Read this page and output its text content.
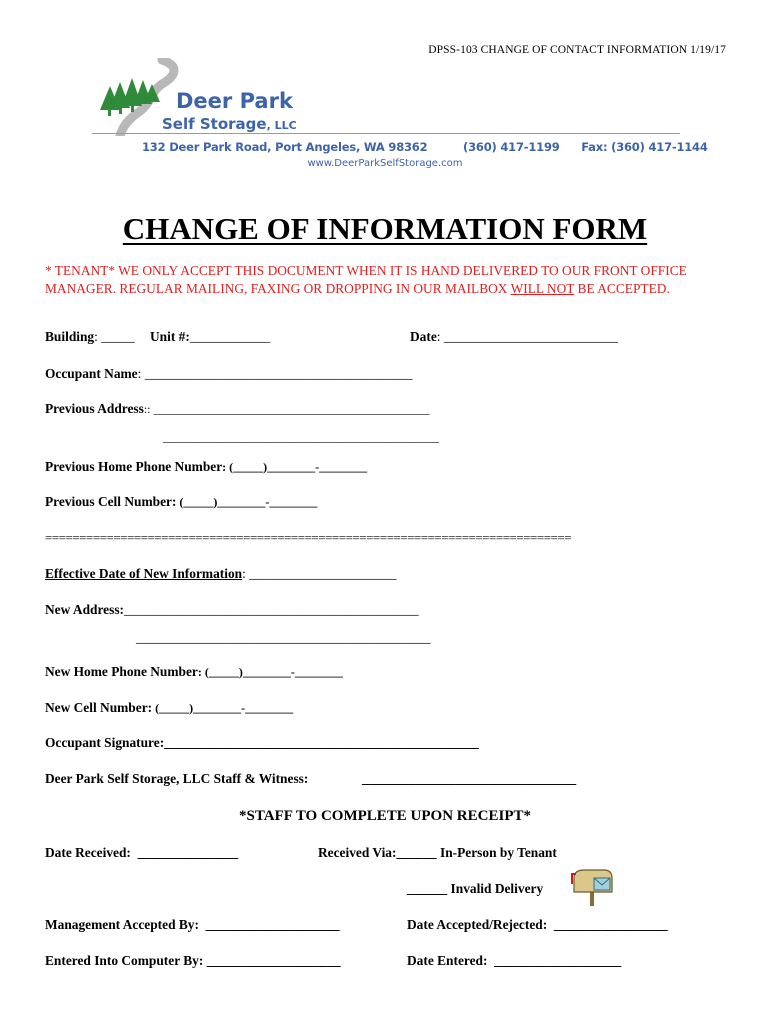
DPSS-103 CHANGE OF CONTACT INFORMATION 1/19/17
Deer Park
Self Storage, LLC
132 Deer Park Road, Port Angeles, WA 98362	(360) 417-1199 Fax: (360) 417-1144
www.DeerParkSelfStorage.com
CHANGE OF INFORMATION FORM
* TENANT* WE ONLY ACCEPT THIS DOCUMENT WHEN IT IS HAND DELIVERED TO OUR FRONT OFFICE MANAGER. REGULAR MAILING, FAXING OR DROPPING IN OUR MAILBOX WILL NOT BE ACCEPTED.
Building: _____ Unit #:____________	Date: __________________________
Occupant Name: ________________________________________
Previous Address:: ______________________________________________
______________________________________________
Previous Home Phone Number: (_____)________-________
Previous Cell Number: (_____)________-________
=============================================================================
Effective Date of New Information: ______________________
New Address:____________________________________________
____________________________________________
New Home Phone Number: (_____)________-________
New Cell Number: (_____)________-________
Occupant Signature:_______________________________________________
Deer Park Self Storage, LLC Staff & Witness:	________________________________
*STAFF TO COMPLETE UPON RECEIPT*
Date Received: _______________	Received Via:______ In-Person by Tenant
______ Invalid Delivery
Management Accepted By: ____________________	Date Accepted/Rejected: _________________
Entered Into Computer By: ____________________	Date Entered: ___________________
